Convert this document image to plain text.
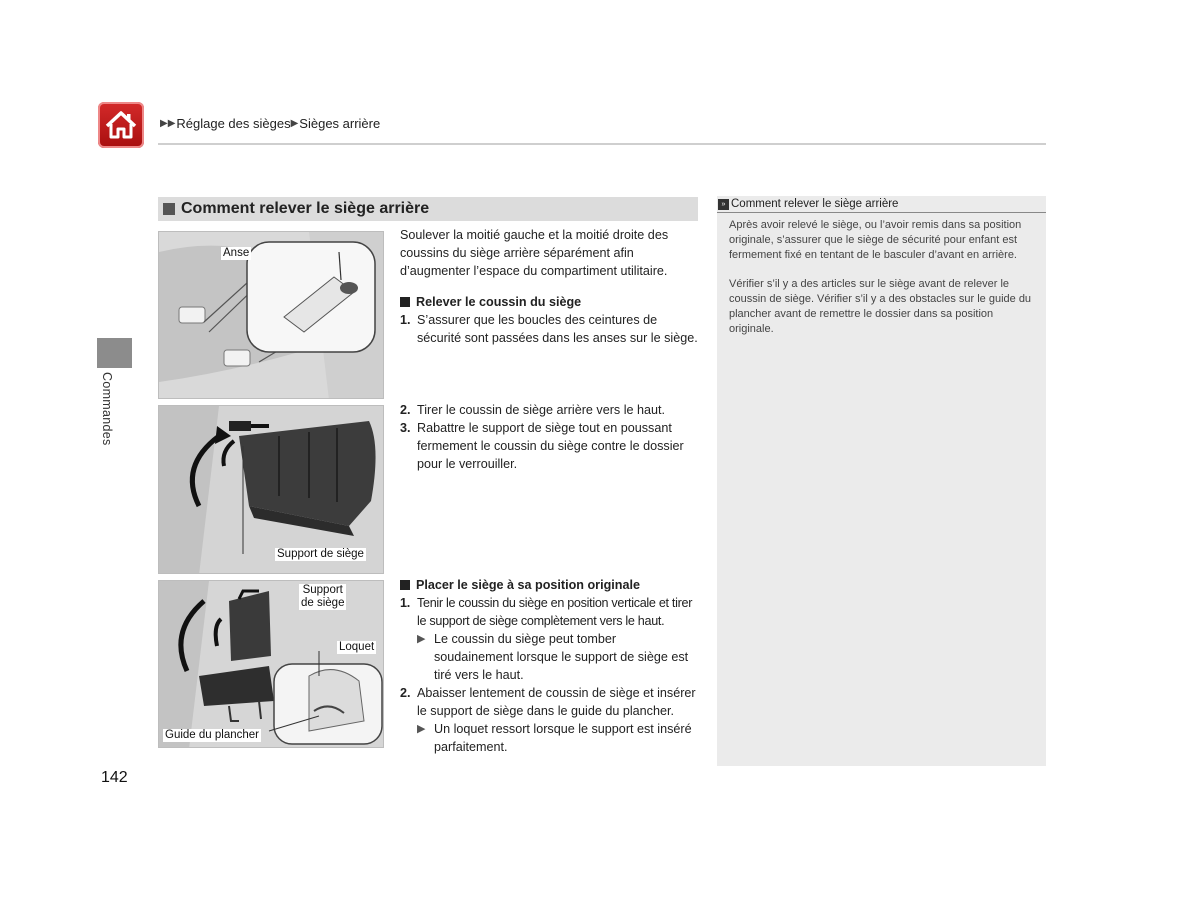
▶▶ Réglage des sièges ▶ Sièges arrière
Commandes
Comment relever le siège arrière
Anse
Support de siège
Support
de siège
Loquet
Guide du plancher
Soulever la moitié gauche et la moitié droite des
coussins du siège arrière séparément afin
d’augmenter l’espace du compartiment utilitaire.
Relever le coussin du siège
1. S’assurer que les boucles des ceintures de
sécurité sont passées dans les anses sur le siège.
2. Tirer le coussin de siège arrière vers le haut.
3. Rabattre le support de siège tout en poussant
fermement le coussin du siège contre le dossier
pour le verrouiller.
Placer le siège à sa position originale
1. Tenir le coussin du siège en position verticale et tirer
le support de siège complètement vers le haut.
▶ Le coussin du siège peut tomber
soudainement lorsque le support de siège est
tiré vers le haut.
2. Abaisser lentement de coussin de siège et insérer
le support de siège dans le guide du plancher.
▶ Un loquet ressort lorsque le support est inséré
parfaitement.
» Comment relever le siège arrière

Après avoir relevé le siège, ou l’avoir remis dans sa position
originale, s’assurer que le siège de sécurité pour enfant est
fermement fixé en tentant de le basculer d’avant en arrière.

Vérifier s’il y a des articles sur le siège avant de relever le
coussin de siège. Vérifier s’il y a des obstacles sur le guide du
plancher avant de remettre le dossier dans sa position
originale.

142
